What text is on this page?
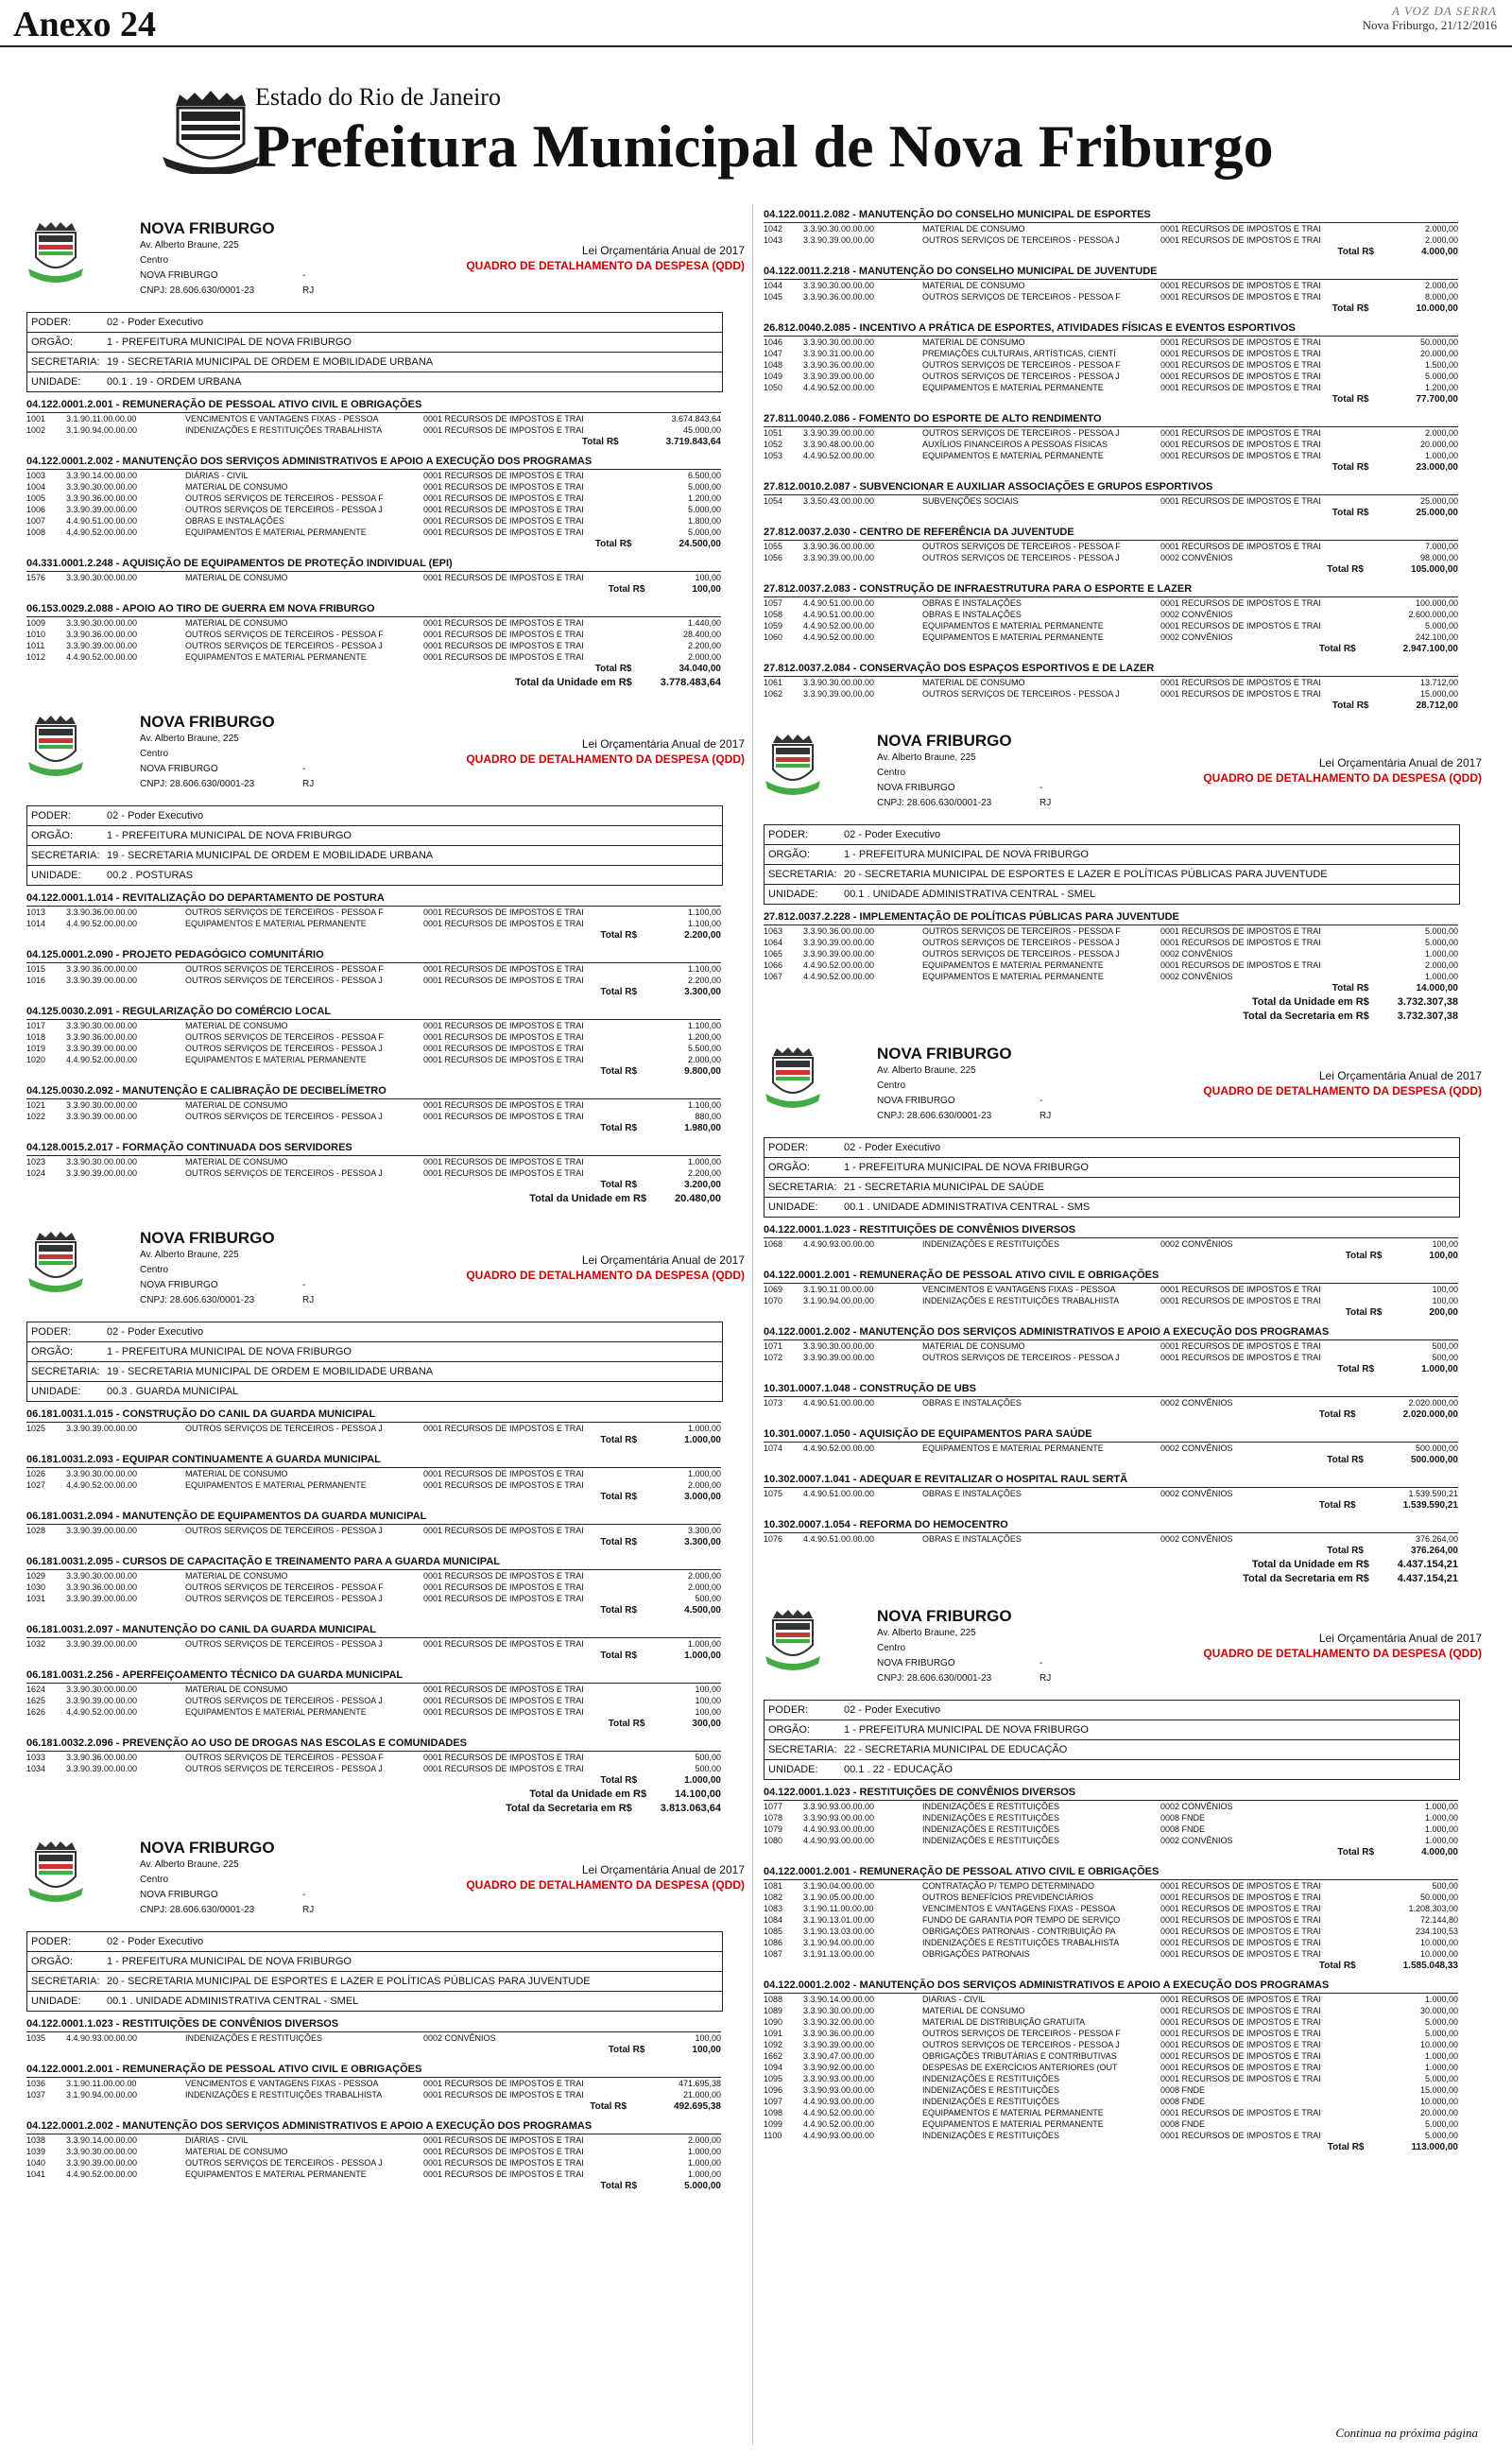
Anexo 24	A VOZ DA SERRA
Nova Friburgo, 21/12/2016
Estado do Rio de Janeiro
Prefeitura Municipal de Nova Friburgo
NOVA FRIBURGO
Av. Alberto Braune, 225
Centro
NOVA FRIBURGO	- RJ
CNPJ: 28.606.630/0001-23
Lei Orçamentária Anual de 2017
QUADRO DE DETALHAMENTO DA DESPESA (QDD)
PODER:	02 - Poder Executivo
ORGÃO:	1 - PREFEITURA MUNICIPAL DE NOVA FRIBURGO
SECRETARIA: 19 - SECRETARIA MUNICIPAL DE ORDEM E MOBILIDADE URBANA
UNIDADE: 00.1 . 19 - ORDEM URBANA
04.122.0001.2.001 - REMUNERAÇÃO DE PESSOAL ATIVO CIVIL E OBRIGAÇÕES
1001	3.1.90.11.00.00.00	VENCIMENTOS E VANTAGENS FIXAS - PESSOA	0001 RECURSOS DE IMPOSTOS E TRAI	3.674.843,64
1002	3.1.90.94.00.00.00	INDENIZAÇÕES E RESTITUIÇÕES TRABALHISTA	0001 RECURSOS DE IMPOSTOS E TRAI	45.000,00
Total R$	3.719.843,64
04.122.0001.2.002 - MANUTENÇÃO DOS SERVIÇOS ADMINISTRATIVOS E APOIO A EXECUÇÃO DOS PROGRAMAS
1003	3.3.90.14.00.00.00	DIÁRIAS - CIVIL	0001 RECURSOS DE IMPOSTOS E TRAI	6.500,00
1004	3.3.90.30.00.00.00	MATERIAL DE CONSUMO	0001 RECURSOS DE IMPOSTOS E TRAI	5.000,00
1005	3.3.90.36.00.00.00	OUTROS SERVIÇOS DE TERCEIROS - PESSOA F	0001 RECURSOS DE IMPOSTOS E TRAI	1.200,00
1006	3.3.90.39.00.00.00	OUTROS SERVIÇOS DE TERCEIROS - PESSOA J	0001 RECURSOS DE IMPOSTOS E TRAI	5.000,00
1007	4.4.90.51.00.00.00	OBRAS E INSTALAÇÕES	0001 RECURSOS DE IMPOSTOS E TRAI	1.800,00
1008	4.4.90.52.00.00.00	EQUIPAMENTOS E MATERIAL PERMANENTE	0001 RECURSOS DE IMPOSTOS E TRAI	5.000,00
Total R$	24.500,00
04.331.0001.2.248 - AQUISIÇÃO DE EQUIPAMENTOS DE PROTEÇÃO INDIVIDUAL (EPI)
1576	3.3.90.30.00.00.00	MATERIAL DE CONSUMO	0001 RECURSOS DE IMPOSTOS E TRAI	100,00
Total R$	100,00
06.153.0029.2.088 - APOIO AO TIRO DE GUERRA EM NOVA FRIBURGO
1009	3.3.90.30.00.00.00	MATERIAL DE CONSUMO	0001 RECURSOS DE IMPOSTOS E TRAI	1.440,00
1010	3.3.90.36.00.00.00	OUTROS SERVIÇOS DE TERCEIROS - PESSOA F	0001 RECURSOS DE IMPOSTOS E TRAI	28.400,00
1011	3.3.90.39.00.00.00	OUTROS SERVIÇOS DE TERCEIROS - PESSOA J	0001 RECURSOS DE IMPOSTOS E TRAI	2.200,00
1012	4.4.90.52.00.00.00	EQUIPAMENTOS E MATERIAL PERMANENTE	0001 RECURSOS DE IMPOSTOS E TRAI	2.000,00
Total R$	34.040,00
Total da Unidade em R$	3.778.483,64
NOVA FRIBURGO
Av. Alberto Braune, 225
Centro
NOVA FRIBURGO	- RJ
CNPJ: 28.606.630/0001-23
Lei Orçamentária Anual de 2017
QUADRO DE DETALHAMENTO DA DESPESA (QDD)
PODER:	02 - Poder Executivo
ORGÃO:	1 - PREFEITURA MUNICIPAL DE NOVA FRIBURGO
SECRETARIA: 19 - SECRETARIA MUNICIPAL DE ORDEM E MOBILIDADE URBANA
UNIDADE: 00.2 . POSTURAS
04.122.0001.1.014 - REVITALIZAÇÃO DO DEPARTAMENTO DE POSTURA
1013	3.3.90.36.00.00.00	OUTROS SERVIÇOS DE TERCEIROS - PESSOA F	0001 RECURSOS DE IMPOSTOS E TRAI	1.100,00
1014	4.4.90.52.00.00.00	EQUIPAMENTOS E MATERIAL PERMANENTE	0001 RECURSOS DE IMPOSTOS E TRAI	1.100,00
Total R$	2.200,00
04.125.0001.2.090 - PROJETO PEDAGÓGICO COMUNITÁRIO
1015	3.3.90.36.00.00.00	OUTROS SERVIÇOS DE TERCEIROS - PESSOA F	0001 RECURSOS DE IMPOSTOS E TRAI	1.100,00
1016	3.3.90.39.00.00.00	OUTROS SERVIÇOS DE TERCEIROS - PESSOA J	0001 RECURSOS DE IMPOSTOS E TRAI	2.200,00
Total R$	3.300,00
04.125.0030.2.091 - REGULARIZAÇÃO DO COMÉRCIO LOCAL
1017	3.3.90.30.00.00.00	MATERIAL DE CONSUMO	0001 RECURSOS DE IMPOSTOS E TRAI	1.100,00
1018	3.3.90.36.00.00.00	OUTROS SERVIÇOS DE TERCEIROS - PESSOA F	0001 RECURSOS DE IMPOSTOS E TRAI	1.200,00
1019	3.3.90.39.00.00.00	OUTROS SERVIÇOS DE TERCEIROS - PESSOA J	0001 RECURSOS DE IMPOSTOS E TRAI	5.500,00
1020	4.4.90.52.00.00.00	EQUIPAMENTOS E MATERIAL PERMANENTE	0001 RECURSOS DE IMPOSTOS E TRAI	2.000,00
Total R$	9.800,00
04.125.0030.2.092 - MANUTENÇÃO E CALIBRAÇÃO DE DECIBELÍMETRO
1021	3.3.90.30.00.00.00	MATERIAL DE CONSUMO	0001 RECURSOS DE IMPOSTOS E TRAI	1.100,00
1022	3.3.90.39.00.00.00	OUTROS SERVIÇOS DE TERCEIROS - PESSOA J	0001 RECURSOS DE IMPOSTOS E TRAI	880,00
Total R$	1.980,00
04.128.0015.2.017 - FORMAÇÃO CONTINUADA DOS SERVIDORES
1023	3.3.90.30.00.00.00	MATERIAL DE CONSUMO	0001 RECURSOS DE IMPOSTOS E TRAI	1.000,00
1024	3.3.90.39.00.00.00	OUTROS SERVIÇOS DE TERCEIROS - PESSOA J	0001 RECURSOS DE IMPOSTOS E TRAI	2.200,00
Total R$	3.200,00
Total da Unidade em R$	20.480,00
NOVA FRIBURGO
Av. Alberto Braune, 225
Centro
NOVA FRIBURGO	- RJ
CNPJ: 28.606.630/0001-23
Lei Orçamentária Anual de 2017
QUADRO DE DETALHAMENTO DA DESPESA (QDD)
PODER:	02 - Poder Executivo
ORGÃO:	1 - PREFEITURA MUNICIPAL DE NOVA FRIBURGO
SECRETARIA: 19 - SECRETARIA MUNICIPAL DE ORDEM E MOBILIDADE URBANA
UNIDADE: 00.3 . GUARDA MUNICIPAL
06.181.0031.1.015 - CONSTRUÇÃO DO CANIL DA GUARDA MUNICIPAL
1025	3.3.90.39.00.00.00	OUTROS SERVIÇOS DE TERCEIROS - PESSOA J	0001 RECURSOS DE IMPOSTOS E TRAI	1.000,00
Total R$	1.000,00
06.181.0031.2.093 - EQUIPAR CONTINUAMENTE A GUARDA MUNICIPAL
1026	3.3.90.30.00.00.00	MATERIAL DE CONSUMO	0001 RECURSOS DE IMPOSTOS E TRAI	1.000,00
1027	4.4.90.52.00.00.00	EQUIPAMENTOS E MATERIAL PERMANENTE	0001 RECURSOS DE IMPOSTOS E TRAI	2.000,00
Total R$	3.000,00
06.181.0031.2.094 - MANUTENÇÃO DE EQUIPAMENTOS DA GUARDA MUNICIPAL
1028	3.3.90.39.00.00.00	OUTROS SERVIÇOS DE TERCEIROS - PESSOA J	0001 RECURSOS DE IMPOSTOS E TRAI	3.300,00
Total R$	3.300,00
06.181.0031.2.095 - CURSOS DE CAPACITAÇÃO E TREINAMENTO PARA A GUARDA MUNICIPAL
1029	3.3.90.30.00.00.00	MATERIAL DE CONSUMO	0001 RECURSOS DE IMPOSTOS E TRAI	2.000,00
1030	3.3.90.36.00.00.00	OUTROS SERVIÇOS DE TERCEIROS - PESSOA F	0001 RECURSOS DE IMPOSTOS E TRAI	2.000,00
1031	3.3.90.39.00.00.00	OUTROS SERVIÇOS DE TERCEIROS - PESSOA J	0001 RECURSOS DE IMPOSTOS E TRAI	500,00
Total R$	4.500,00
06.181.0031.2.097 - MANUTENÇÃO DO CANIL DA GUARDA MUNICIPAL
1032	3.3.90.39.00.00.00	OUTROS SERVIÇOS DE TERCEIROS - PESSOA J	0001 RECURSOS DE IMPOSTOS E TRAI	1.000,00
Total R$	1.000,00
06.181.0031.2.256 - APERFEIÇOAMENTO TÉCNICO DA GUARDA MUNICIPAL
1624	3.3.90.30.00.00.00	MATERIAL DE CONSUMO	0001 RECURSOS DE IMPOSTOS E TRAI	100,00
1625	3.3.90.39.00.00.00	OUTROS SERVIÇOS DE TERCEIROS - PESSOA J	0001 RECURSOS DE IMPOSTOS E TRAI	100,00
1626	4.4.90.52.00.00.00	EQUIPAMENTOS E MATERIAL PERMANENTE	0001 RECURSOS DE IMPOSTOS E TRAI	100,00
Total R$	300,00
06.181.0032.2.096 - PREVENÇÃO AO USO DE DROGAS NAS ESCOLAS E COMUNIDADES
1033	3.3.90.36.00.00.00	OUTROS SERVIÇOS DE TERCEIROS - PESSOA F	0001 RECURSOS DE IMPOSTOS E TRAI	500,00
1034	3.3.90.39.00.00.00	OUTROS SERVIÇOS DE TERCEIROS - PESSOA J	0001 RECURSOS DE IMPOSTOS E TRAI	500,00
Total R$	1.000,00
Total da Unidade em R$	14.100,00
Total da Secretaria em R$	3.813.063,64
NOVA FRIBURGO
Av. Alberto Braune, 225
Centro
NOVA FRIBURGO	- RJ
CNPJ: 28.606.630/0001-23
Lei Orçamentária Anual de 2017
QUADRO DE DETALHAMENTO DA DESPESA (QDD)
PODER:	02 - Poder Executivo
ORGÃO:	1 - PREFEITURA MUNICIPAL DE NOVA FRIBURGO
SECRETARIA: 20 - SECRETARIA MUNICIPAL DE ESPORTES E LAZER E POLÍTICAS PÚBLICAS PARA JUVENTUDE
UNIDADE: 00.1 . UNIDADE ADMINISTRATIVA CENTRAL - SMEL
04.122.0001.1.023 - RESTITUIÇÕES DE CONVÊNIOS DIVERSOS
1035	4.4.90.93.00.00.00	INDENIZAÇÕES E RESTITUIÇÕES	0002 CONVÊNIOS	100,00
Total R$	100,00
04.122.0001.2.001 - REMUNERAÇÃO DE PESSOAL ATIVO CIVIL E OBRIGAÇÕES
1036	3.1.90.11.00.00.00	VENCIMENTOS E VANTAGENS FIXAS - PESSOA	0001 RECURSOS DE IMPOSTOS E TRAI	471.695,38
1037	3.1.90.94.00.00.00	INDENIZAÇÕES E RESTITUIÇÕES TRABALHISTA	0001 RECURSOS DE IMPOSTOS E TRAI	21.000,00
Total R$	492.695,38
04.122.0001.2.002 - MANUTENÇÃO DOS SERVIÇOS ADMINISTRATIVOS E APOIO A EXECUÇÃO DOS PROGRAMAS
1038	3.3.90.14.00.00.00	DIÁRIAS - CIVIL	0001 RECURSOS DE IMPOSTOS E TRAI	2.000,00
1039	3.3.90.30.00.00.00	MATERIAL DE CONSUMO	0001 RECURSOS DE IMPOSTOS E TRAI	1.000,00
1040	3.3.90.39.00.00.00	OUTROS SERVIÇOS DE TERCEIROS - PESSOA J	0001 RECURSOS DE IMPOSTOS E TRAI	1.000,00
1041	4.4.90.52.00.00.00	EQUIPAMENTOS E MATERIAL PERMANENTE	0001 RECURSOS DE IMPOSTOS E TRAI	1.000,00
Total R$	5.000,00
04.122.0011.2.082 - MANUTENÇÃO DO CONSELHO MUNICIPAL DE ESPORTES
1042	3.3.90.30.00.00.00	MATERIAL DE CONSUMO	0001 RECURSOS DE IMPOSTOS E TRAI	2.000,00
1043	3.3.90.39.00.00.00	OUTROS SERVIÇOS DE TERCEIROS - PESSOA J	0001 RECURSOS DE IMPOSTOS E TRAI	2.000,00
Total R$	4.000,00
04.122.0011.2.218 - MANUTENÇÃO DO CONSELHO MUNICIPAL DE JUVENTUDE
1044	3.3.90.30.00.00.00	MATERIAL DE CONSUMO	0001 RECURSOS DE IMPOSTOS E TRAI	2.000,00
1045	3.3.90.36.00.00.00	OUTROS SERVIÇOS DE TERCEIROS - PESSOA F	0001 RECURSOS DE IMPOSTOS E TRAI	8.000,00
Total R$	10.000,00
26.812.0040.2.085 - INCENTIVO A PRÁTICA DE ESPORTES, ATIVIDADES FÍSICAS E EVENTOS ESPORTIVOS
1046	3.3.90.30.00.00.00	MATERIAL DE CONSUMO	0001 RECURSOS DE IMPOSTOS E TRAI	50.000,00
1047	3.3.90.31.00.00.00	PREMIAÇÕES CULTURAIS, ARTÍSTICAS, CIENTÍ	0001 RECURSOS DE IMPOSTOS E TRAI	20.000,00
1048	3.3.90.36.00.00.00	OUTROS SERVIÇOS DE TERCEIROS - PESSOA F	0001 RECURSOS DE IMPOSTOS E TRAI	1.500,00
1049	3.3.90.39.00.00.00	OUTROS SERVIÇOS DE TERCEIROS - PESSOA J	0001 RECURSOS DE IMPOSTOS E TRAI	5.000,00
1050	4.4.90.52.00.00.00	EQUIPAMENTOS E MATERIAL PERMANENTE	0001 RECURSOS DE IMPOSTOS E TRAI	1.200,00
Total R$	77.700,00
27.811.0040.2.086 - FOMENTO DO ESPORTE DE ALTO RENDIMENTO
1051	3.3.90.39.00.00.00	OUTROS SERVIÇOS DE TERCEIROS - PESSOA J	0001 RECURSOS DE IMPOSTOS E TRAI	2.000,00
1052	3.3.90.48.00.00.00	AUXÍLIOS FINANCEIROS A PESSOAS FÍSICAS	0001 RECURSOS DE IMPOSTOS E TRAI	20.000,00
1053	4.4.90.52.00.00.00	EQUIPAMENTOS E MATERIAL PERMANENTE	0001 RECURSOS DE IMPOSTOS E TRAI	1.000,00
Total R$	23.000,00
27.812.0010.2.087 - SUBVENCIONAR E AUXILIAR ASSOCIAÇÕES E GRUPOS ESPORTIVOS
1054	3.3.50.43.00.00.00	SUBVENÇÕES SOCIAIS	0001 RECURSOS DE IMPOSTOS E TRAI	25.000,00
Total R$	25.000,00
27.812.0037.2.030 - CENTRO DE REFERÊNCIA DA JUVENTUDE
1055	3.3.90.36.00.00.00	OUTROS SERVIÇOS DE TERCEIROS - PESSOA F	0001 RECURSOS DE IMPOSTOS E TRAI	7.000,00
1056	3.3.90.39.00.00.00	OUTROS SERVIÇOS DE TERCEIROS - PESSOA J	0002 CONVÊNIOS	98.000,00
Total R$	105.000,00
27.812.0037.2.083 - CONSTRUÇÃO DE INFRAESTRUTURA PARA O ESPORTE E LAZER
1057	4.4.90.51.00.00.00	OBRAS E INSTALAÇÕES	0001 RECURSOS DE IMPOSTOS E TRAI	100.000,00
1058	4.4.90.51.00.00.00	OBRAS E INSTALAÇÕES	0002 CONVÊNIOS	2.600.000,00
1059	4.4.90.52.00.00.00	EQUIPAMENTOS E MATERIAL PERMANENTE	0001 RECURSOS DE IMPOSTOS E TRAI	5.000,00
1060	4.4.90.52.00.00.00	EQUIPAMENTOS E MATERIAL PERMANENTE	0002 CONVÊNIOS	242.100,00
Total R$	2.947.100,00
27.812.0037.2.084 - CONSERVAÇÃO DOS ESPAÇOS ESPORTIVOS E DE LAZER
1061	3.3.90.30.00.00.00	MATERIAL DE CONSUMO	0001 RECURSOS DE IMPOSTOS E TRAI	13.712,00
1062	3.3.90.39.00.00.00	OUTROS SERVIÇOS DE TERCEIROS - PESSOA J	0001 RECURSOS DE IMPOSTOS E TRAI	15.000,00
Total R$	28.712,00
NOVA FRIBURGO
Av. Alberto Braune, 225
Centro
NOVA FRIBURGO	- RJ
CNPJ: 28.606.630/0001-23
Lei Orçamentária Anual de 2017
QUADRO DE DETALHAMENTO DA DESPESA (QDD)
PODER:	02 - Poder Executivo
ORGÃO:	1 - PREFEITURA MUNICIPAL DE NOVA FRIBURGO
SECRETARIA: 20 - SECRETARIA MUNICIPAL DE ESPORTES E LAZER E POLÍTICAS PÚBLICAS PARA JUVENTUDE
UNIDADE: 00.1 . UNIDADE ADMINISTRATIVA CENTRAL - SMEL
27.812.0037.2.228 - IMPLEMENTAÇÃO DE POLÍTICAS PÚBLICAS PARA JUVENTUDE
1063	3.3.90.36.00.00.00	OUTROS SERVIÇOS DE TERCEIROS - PESSOA F	0001 RECURSOS DE IMPOSTOS E TRAI	5.000,00
1064	3.3.90.39.00.00.00	OUTROS SERVIÇOS DE TERCEIROS - PESSOA J	0001 RECURSOS DE IMPOSTOS E TRAI	5.000,00
1065	3.3.90.39.00.00.00	OUTROS SERVIÇOS DE TERCEIROS - PESSOA J	0002 CONVÊNIOS	1.000,00
1066	4.4.90.52.00.00.00	EQUIPAMENTOS E MATERIAL PERMANENTE	0001 RECURSOS DE IMPOSTOS E TRAI	2.000,00
1067	4.4.90.52.00.00.00	EQUIPAMENTOS E MATERIAL PERMANENTE	0002 CONVÊNIOS	1.000,00
Total R$	14.000,00
Total da Unidade em R$	3.732.307,38
Total da Secretaria em R$	3.732.307,38
NOVA FRIBURGO
Av. Alberto Braune, 225
Centro
NOVA FRIBURGO	- RJ
CNPJ: 28.606.630/0001-23
Lei Orçamentária Anual de 2017
QUADRO DE DETALHAMENTO DA DESPESA (QDD)
PODER:	02 - Poder Executivo
ORGÃO:	1 - PREFEITURA MUNICIPAL DE NOVA FRIBURGO
SECRETARIA: 21 - SECRETARIA MUNICIPAL DE SAÚDE
UNIDADE: 00.1 . UNIDADE ADMINISTRATIVA CENTRAL - SMS
04.122.0001.1.023 - RESTITUIÇÕES DE CONVÊNIOS DIVERSOS
1068	4.4.90.93.00.00.00	INDENIZAÇÕES E RESTITUIÇÕES	0002 CONVÊNIOS	100,00
Total R$	100,00
04.122.0001.2.001 - REMUNERAÇÃO DE PESSOAL ATIVO CIVIL E OBRIGAÇÕES
1069	3.1.90.11.00.00.00	VENCIMENTOS E VANTAGENS FIXAS - PESSOA	0001 RECURSOS DE IMPOSTOS E TRAI	100,00
1070	3.1.90.94.00.00.00	INDENIZAÇÕES E RESTITUIÇÕES TRABALHISTA	0001 RECURSOS DE IMPOSTOS E TRAI	100,00
Total R$	200,00
04.122.0001.2.002 - MANUTENÇÃO DOS SERVIÇOS ADMINISTRATIVOS E APOIO A EXECUÇÃO DOS PROGRAMAS
1071	3.3.90.30.00.00.00	MATERIAL DE CONSUMO	0001 RECURSOS DE IMPOSTOS E TRAI	500,00
1072	3.3.90.39.00.00.00	OUTROS SERVIÇOS DE TERCEIROS - PESSOA J	0001 RECURSOS DE IMPOSTOS E TRAI	500,00
Total R$	1.000,00
10.301.0007.1.048 - CONSTRUÇÃO DE UBS
1073	4.4.90.51.00.00.00	OBRAS E INSTALAÇÕES	0002 CONVÊNIOS	2.020.000,00
Total R$	2.020.000,00
10.301.0007.1.050 - AQUISIÇÃO DE EQUIPAMENTOS PARA SAÚDE
1074	4.4.90.52.00.00.00	EQUIPAMENTOS E MATERIAL PERMANENTE	0002 CONVÊNIOS	500.000,00
Total R$	500.000,00
10.302.0007.1.041 - ADEQUAR E REVITALIZAR O HOSPITAL RAUL SERTÃ
1075	4.4.90.51.00.00.00	OBRAS E INSTALAÇÕES	0002 CONVÊNIOS	1.539.590,21
Total R$	1.539.590,21
10.302.0007.1.054 - REFORMA DO HEMOCENTRO
1076	4.4.90.51.00.00.00	OBRAS E INSTALAÇÕES	0002 CONVÊNIOS	376.264,00
Total R$	376.264,00
Total da Unidade em R$	4.437.154,21
Total da Secretaria em R$	4.437.154,21
NOVA FRIBURGO
Av. Alberto Braune, 225
Centro
NOVA FRIBURGO	- RJ
CNPJ: 28.606.630/0001-23
Lei Orçamentária Anual de 2017
QUADRO DE DETALHAMENTO DA DESPESA (QDD)
PODER:	02 - Poder Executivo
ORGÃO:	1 - PREFEITURA MUNICIPAL DE NOVA FRIBURGO
SECRETARIA: 22 - SECRETARIA MUNICIPAL DE EDUCAÇÃO
UNIDADE: 00.1 . 22 - EDUCAÇÃO
04.122.0001.1.023 - RESTITUIÇÕES DE CONVÊNIOS DIVERSOS
1077	3.3.90.93.00.00.00	INDENIZAÇÕES E RESTITUIÇÕES	0002 CONVÊNIOS	1.000,00
1078	3.3.90.93.00.00.00	INDENIZAÇÕES E RESTITUIÇÕES	0008 FNDE	1.000,00
1079	4.4.90.93.00.00.00	INDENIZAÇÕES E RESTITUIÇÕES	0008 FNDE	1.000,00
1080	4.4.90.93.00.00.00	INDENIZAÇÕES E RESTITUIÇÕES	0002 CONVÊNIOS	1.000,00
Total R$	4.000,00
04.122.0001.2.001 - REMUNERAÇÃO DE PESSOAL ATIVO CIVIL E OBRIGAÇÕES
1081	3.1.90.04.00.00.00	CONTRATAÇÃO P/ TEMPO DETERMINADO	0001 RECURSOS DE IMPOSTOS E TRAI	500,00
1082	3.1.90.05.00.00.00	OUTROS BENEFÍCIOS PREVIDENCIÁRIOS	0001 RECURSOS DE IMPOSTOS E TRAI	50.000,00
1083	3.1.90.11.00.00.00	VENCIMENTOS E VANTAGENS FIXAS - PESSOA	0001 RECURSOS DE IMPOSTOS E TRAI	1.208.303,00
1084	3.1.90.13.01.00.00	FUNDO DE GARANTIA POR TEMPO DE SERVIÇO	0001 RECURSOS DE IMPOSTOS E TRAI	72.144,80
1085	3.1.90.13.03.00.00	OBRIGAÇÕES PATRONAIS - CONTRIBUIÇÃO PA	0001 RECURSOS DE IMPOSTOS E TRAI	234.100,53
1086	3.1.90.94.00.00.00	INDENIZAÇÕES E RESTITUIÇÕES TRABALHISTA	0001 RECURSOS DE IMPOSTOS E TRAI	10.000,00
1087	3.1.91.13.00.00.00	OBRIGAÇÕES PATRONAIS	0001 RECURSOS DE IMPOSTOS E TRAI	10.000,00
Total R$	1.585.048,33
04.122.0001.2.002 - MANUTENÇÃO DOS SERVIÇOS ADMINISTRATIVOS E APOIO A EXECUÇÃO DOS PROGRAMAS
1088	3.3.90.14.00.00.00	DIÁRIAS - CIVIL	0001 RECURSOS DE IMPOSTOS E TRAI	1.000,00
1089	3.3.90.30.00.00.00	MATERIAL DE CONSUMO	0001 RECURSOS DE IMPOSTOS E TRAI	30.000,00
1090	3.3.90.32.00.00.00	MATERIAL DE DISTRIBUIÇÃO GRATUITA	0001 RECURSOS DE IMPOSTOS E TRAI	5.000,00
1091	3.3.90.36.00.00.00	OUTROS SERVIÇOS DE TERCEIROS - PESSOA F	0001 RECURSOS DE IMPOSTOS E TRAI	5.000,00
1092	3.3.90.39.00.00.00	OUTROS SERVIÇOS DE TERCEIROS - PESSOA J	0001 RECURSOS DE IMPOSTOS E TRAI	10.000,00
1662	3.3.90.47.00.00.00	OBRIGAÇÕES TRIBUTÁRIAS E CONTRIBUTIVAS	0001 RECURSOS DE IMPOSTOS E TRAI	1.000,00
1094	3.3.90.92.00.00.00	DESPESAS DE EXERCÍCIOS ANTERIORES (OUT	0001 RECURSOS DE IMPOSTOS E TRAI	1.000,00
1095	3.3.90.93.00.00.00	INDENIZAÇÕES E RESTITUIÇÕES	0001 RECURSOS DE IMPOSTOS E TRAI	5.000,00
1096	3.3.90.93.00.00.00	INDENIZAÇÕES E RESTITUIÇÕES	0008 FNDE	15.000,00
1097	4.4.90.93.00.00.00	INDENIZAÇÕES E RESTITUIÇÕES	0008 FNDE	10.000,00
1098	4.4.90.52.00.00.00	EQUIPAMENTOS E MATERIAL PERMANENTE	0001 RECURSOS DE IMPOSTOS E TRAI	20.000,00
1099	4.4.90.52.00.00.00	EQUIPAMENTOS E MATERIAL PERMANENTE	0008 FNDE	5.000,00
1100	4.4.90.93.00.00.00	INDENIZAÇÕES E RESTITUIÇÕES	0001 RECURSOS DE IMPOSTOS E TRAI	5.000,00
Total R$	113.000,00
Continua na próxima página
